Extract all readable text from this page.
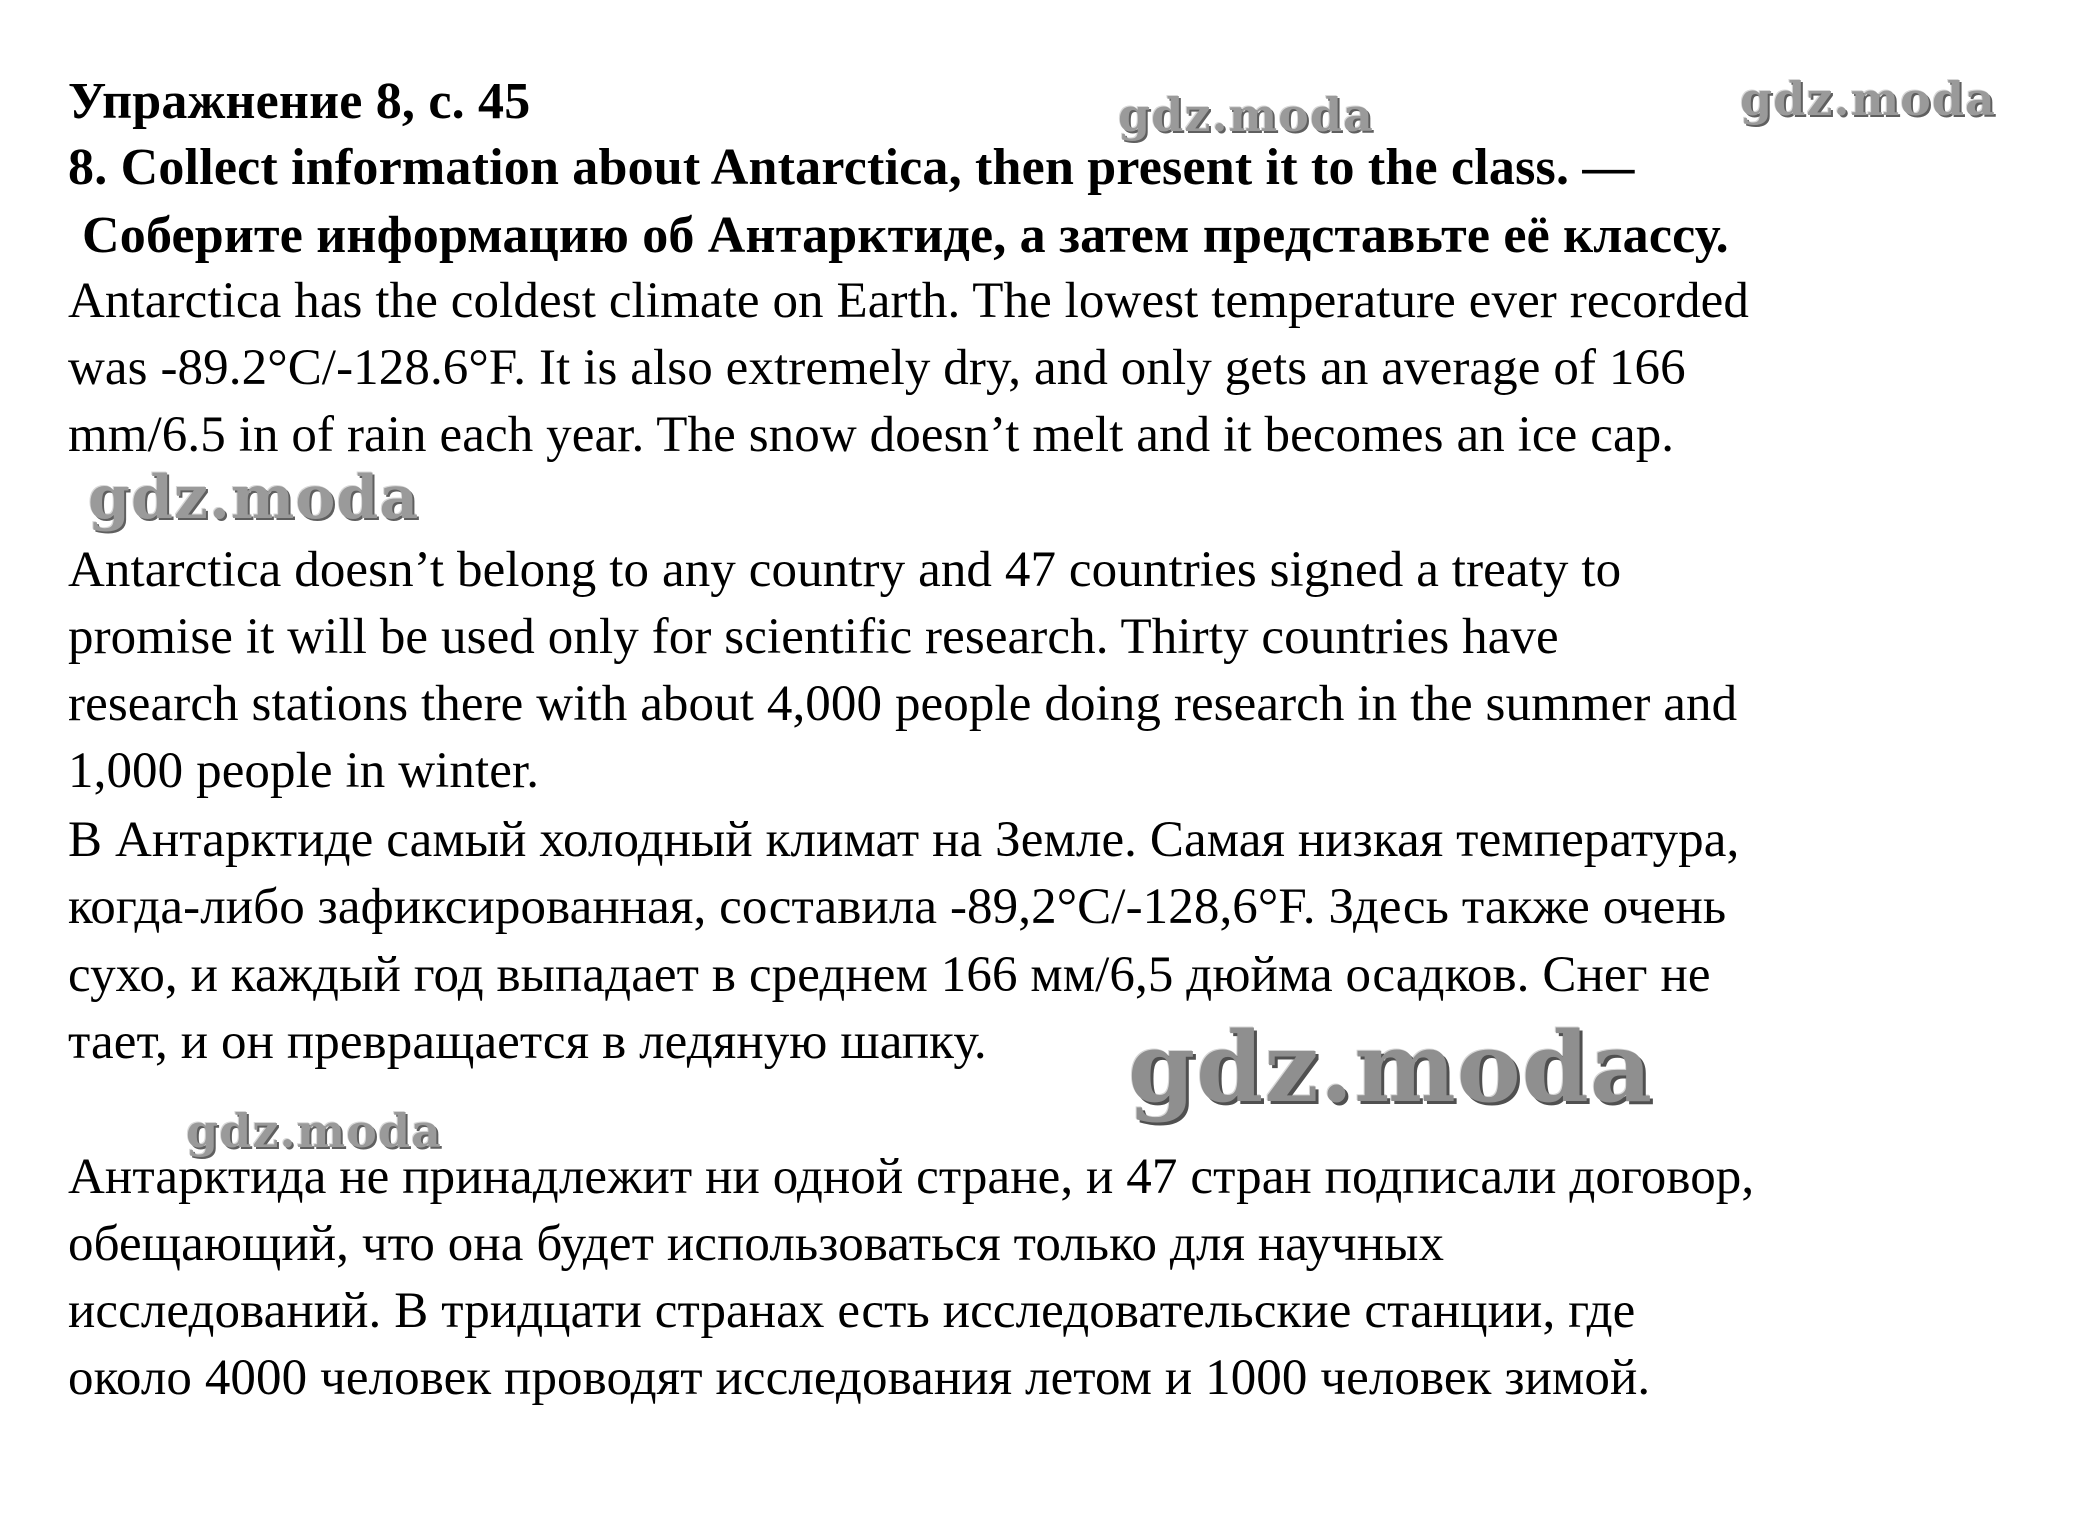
Упражнение 8, с. 45
8. Collect information about Antarctica, then present it to the class. —
Соберите информацию об Антарктиде, а затем представьте её классу.
Antarctica has the coldest climate on Earth. The lowest temperature ever recorded
was -89.2°C/-128.6°F. It is also extremely dry, and only gets an average of 166
mm/6.5 in of rain each year. The snow doesn’t melt and it becomes an ice cap.
Antarctica doesn’t belong to any country and 47 countries signed a treaty to
promise it will be used only for scientific research. Thirty countries have
research stations there with about 4,000 people doing research in the summer and
1,000 people in winter.
В Антарктиде самый холодный климат на Земле. Самая низкая температура,
когда-либо зафиксированная, составила -89,2°C/-128,6°F. Здесь также очень
сухо, и каждый год выпадает в среднем 166 мм/6,5 дюйма осадков. Снег не
тает, и он превращается в ледяную шапку.
Антарктида не принадлежит ни одной стране, и 47 стран подписали договор,
обещающий, что она будет использоваться только для научных
исследований. В тридцати странах есть исследовательские станции, где
около 4000 человек проводят исследования летом и 1000 человек зимой.
gdz.moda	gdz.moda
gdz.moda
gdz.moda
gdz.moda
